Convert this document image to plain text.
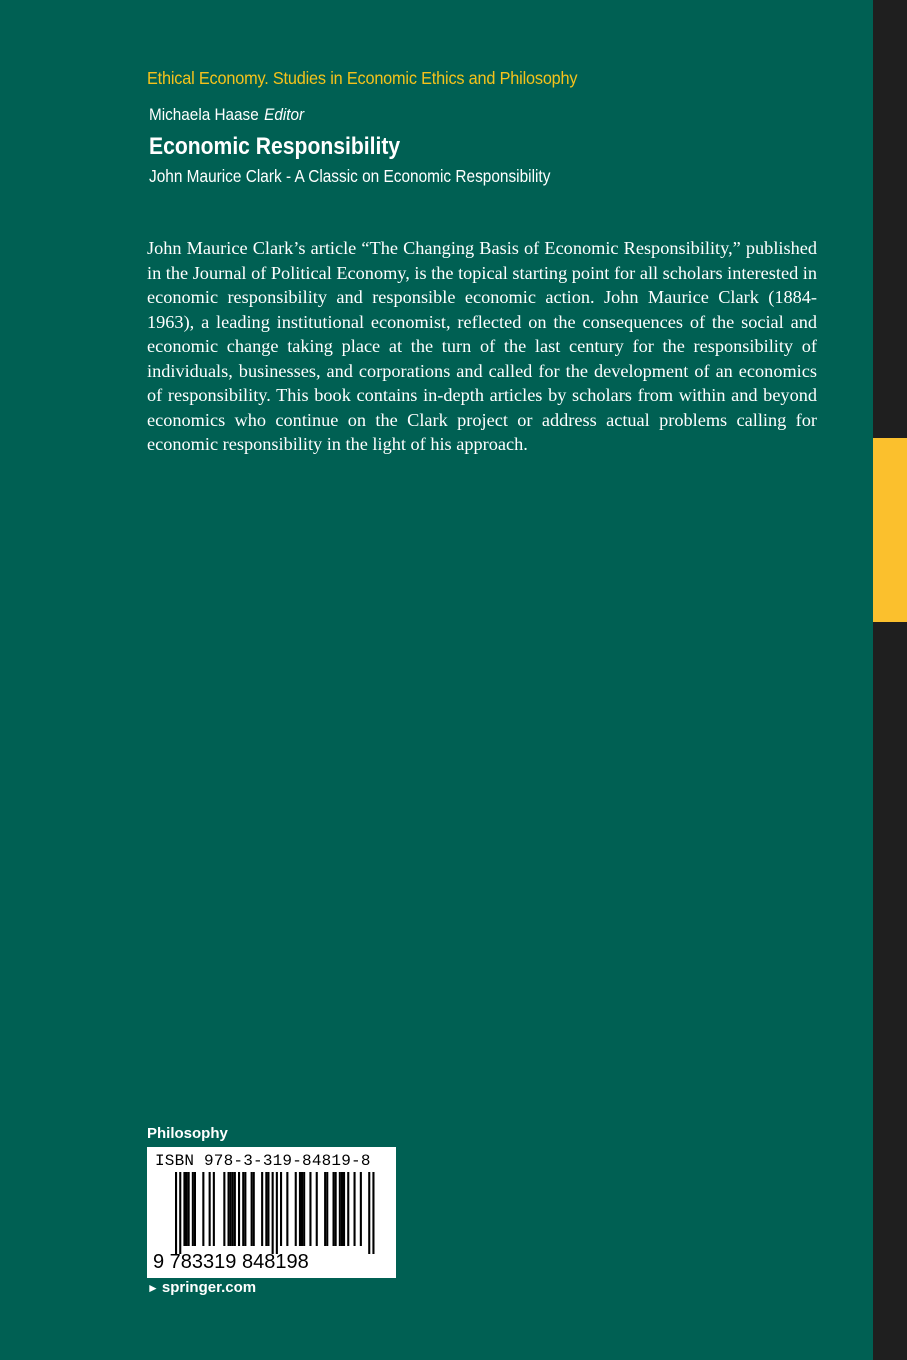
Ethical Economy. Studies in Economic Ethics and Philosophy
Michaela Haase Editor
Economic Responsibility
John Maurice Clark - A Classic on Economic Responsibility

John Maurice Clark’s article “The Changing Basis of Economic Responsibility,” published in the Journal of Political Economy, is the topical starting point for all scholars interested in economic responsibility and responsible economic action. John Maurice Clark (1884-1963), a leading institutional economist, reflected on the consequences of the social and economic change taking place at the turn of the last century for the responsibility of individuals, businesses, and corporations and called for the development of an economics of responsibility. This book contains in-depth articles by scholars from within and beyond economics who continue on the Clark project or address actual problems calling for economic responsibility in the light of his approach.

Philosophy
ISBN 978-3-319-84819-8
9 783319 848198
► springer.com
